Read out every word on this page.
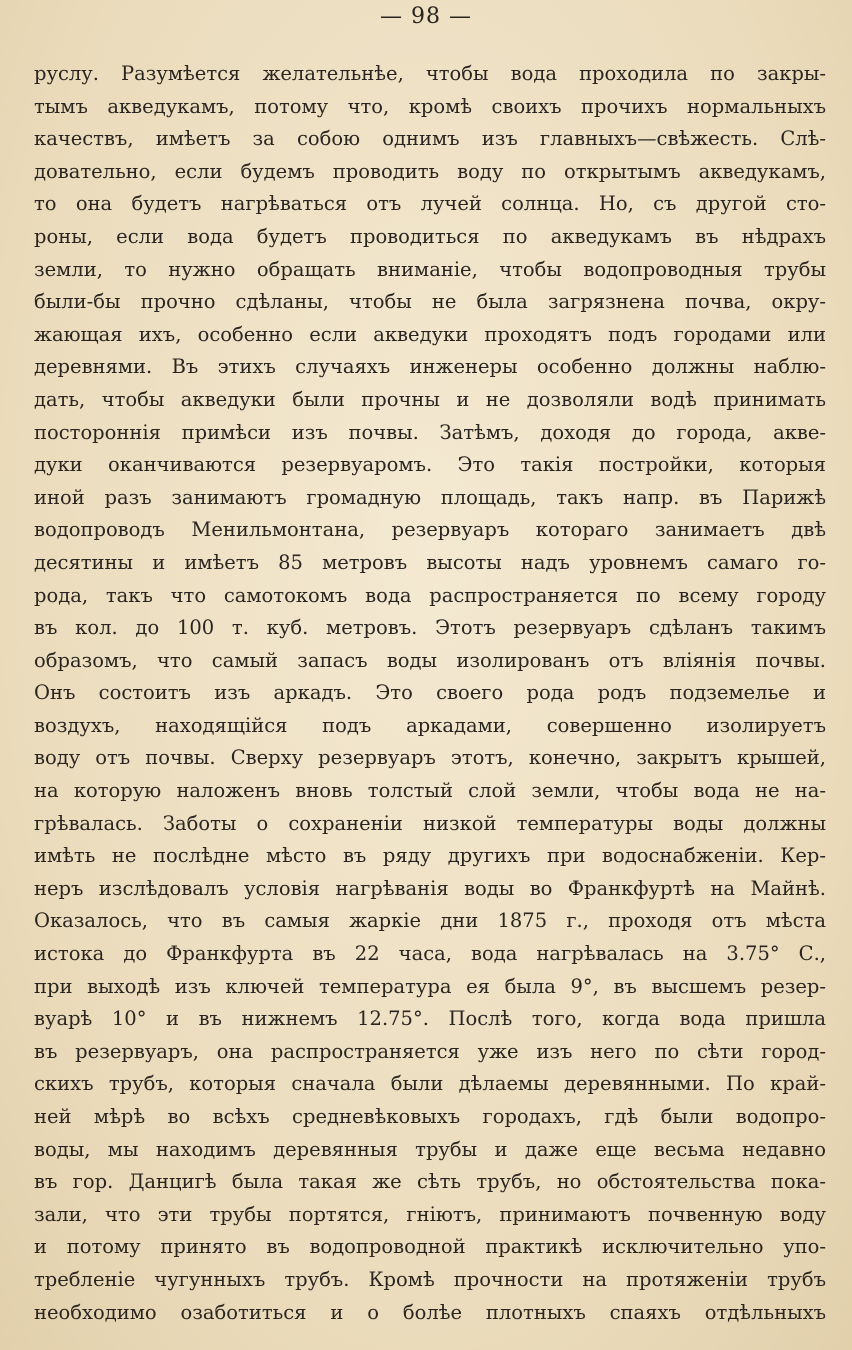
— 98 —
руслу. Разумѣется желательнѣе, чтобы вода проходила по закры-
тымъ акведукамъ, потому что, кромѣ своихъ прочихъ нормальныхъ
качествъ, имѣетъ за собою однимъ изъ главныхъ—свѣжесть. Слѣ-
довательно, если будемъ проводить воду по открытымъ акведукамъ,
то она будетъ нагрѣваться отъ лучей солнца. Но, съ другой сто-
роны, если вода будетъ проводиться по акведукамъ въ нѣдрахъ
земли, то нужно обращать вниманіе, чтобы водопроводныя трубы
были-бы прочно сдѣланы, чтобы не была загрязнена почва, окру-
жающая ихъ, особенно если акведуки проходятъ подъ городами или
деревнями. Въ этихъ случаяхъ инженеры особенно должны наблю-
дать, чтобы акведуки были прочны и не дозволяли водѣ принимать
постороннія примѣси изъ почвы. Затѣмъ, доходя до города, акве-
дуки оканчиваются резервуаромъ. Это такія постройки, которыя
иной разъ занимаютъ громадную площадь, такъ напр. въ Парижѣ
водопроводъ Менильмонтана, резервуаръ котораго занимаетъ двѣ
десятины и имѣетъ 85 метровъ высоты надъ уровнемъ самаго го-
рода, такъ что самотокомъ вода распространяется по всему городу
въ кол. до 100 т. куб. метровъ. Этотъ резервуаръ сдѣланъ такимъ
образомъ, что самый запасъ воды изолированъ отъ вліянія почвы.
Онъ состоитъ изъ аркадъ. Это своего рода родъ подземелье и
воздухъ, находящійся подъ аркадами, совершенно изолируетъ
воду отъ почвы. Сверху резервуаръ этотъ, конечно, закрытъ крышей,
на которую наложенъ вновь толстый слой земли, чтобы вода не на-
грѣвалась. Заботы о сохраненіи низкой температуры воды должны
имѣть не послѣдне мѣсто въ ряду другихъ при водоснабженіи. Кер-
неръ изслѣдовалъ условія нагрѣванія воды во Франкфуртѣ на Майнѣ.
Оказалось, что въ самыя жаркіе дни 1875 г., проходя отъ мѣста
истока до Франкфурта въ 22 часа, вода нагрѣвалась на 3.75° С.,
при выходѣ изъ ключей температура ея была 9°, въ высшемъ резер-
вуарѣ 10° и въ нижнемъ 12.75°. Послѣ того, когда вода пришла
въ резервуаръ, она распространяется уже изъ него по сѣти город-
скихъ трубъ, которыя сначала были дѣлаемы деревянными. По край-
ней мѣрѣ во всѣхъ средневѣковыхъ городахъ, гдѣ были водопро-
воды, мы находимъ деревянныя трубы и даже еще весьма недавно
въ гор. Данцигѣ была такая же сѣть трубъ, но обстоятельства пока-
зали, что эти трубы портятся, гніютъ, принимаютъ почвенную воду
и потому принято въ водопроводной практикѣ исключительно упо-
требленіе чугунныхъ трубъ. Кромѣ прочности на протяженіи трубъ
необходимо озаботиться и о болѣе плотныхъ спаяхъ отдѣльныхъ
